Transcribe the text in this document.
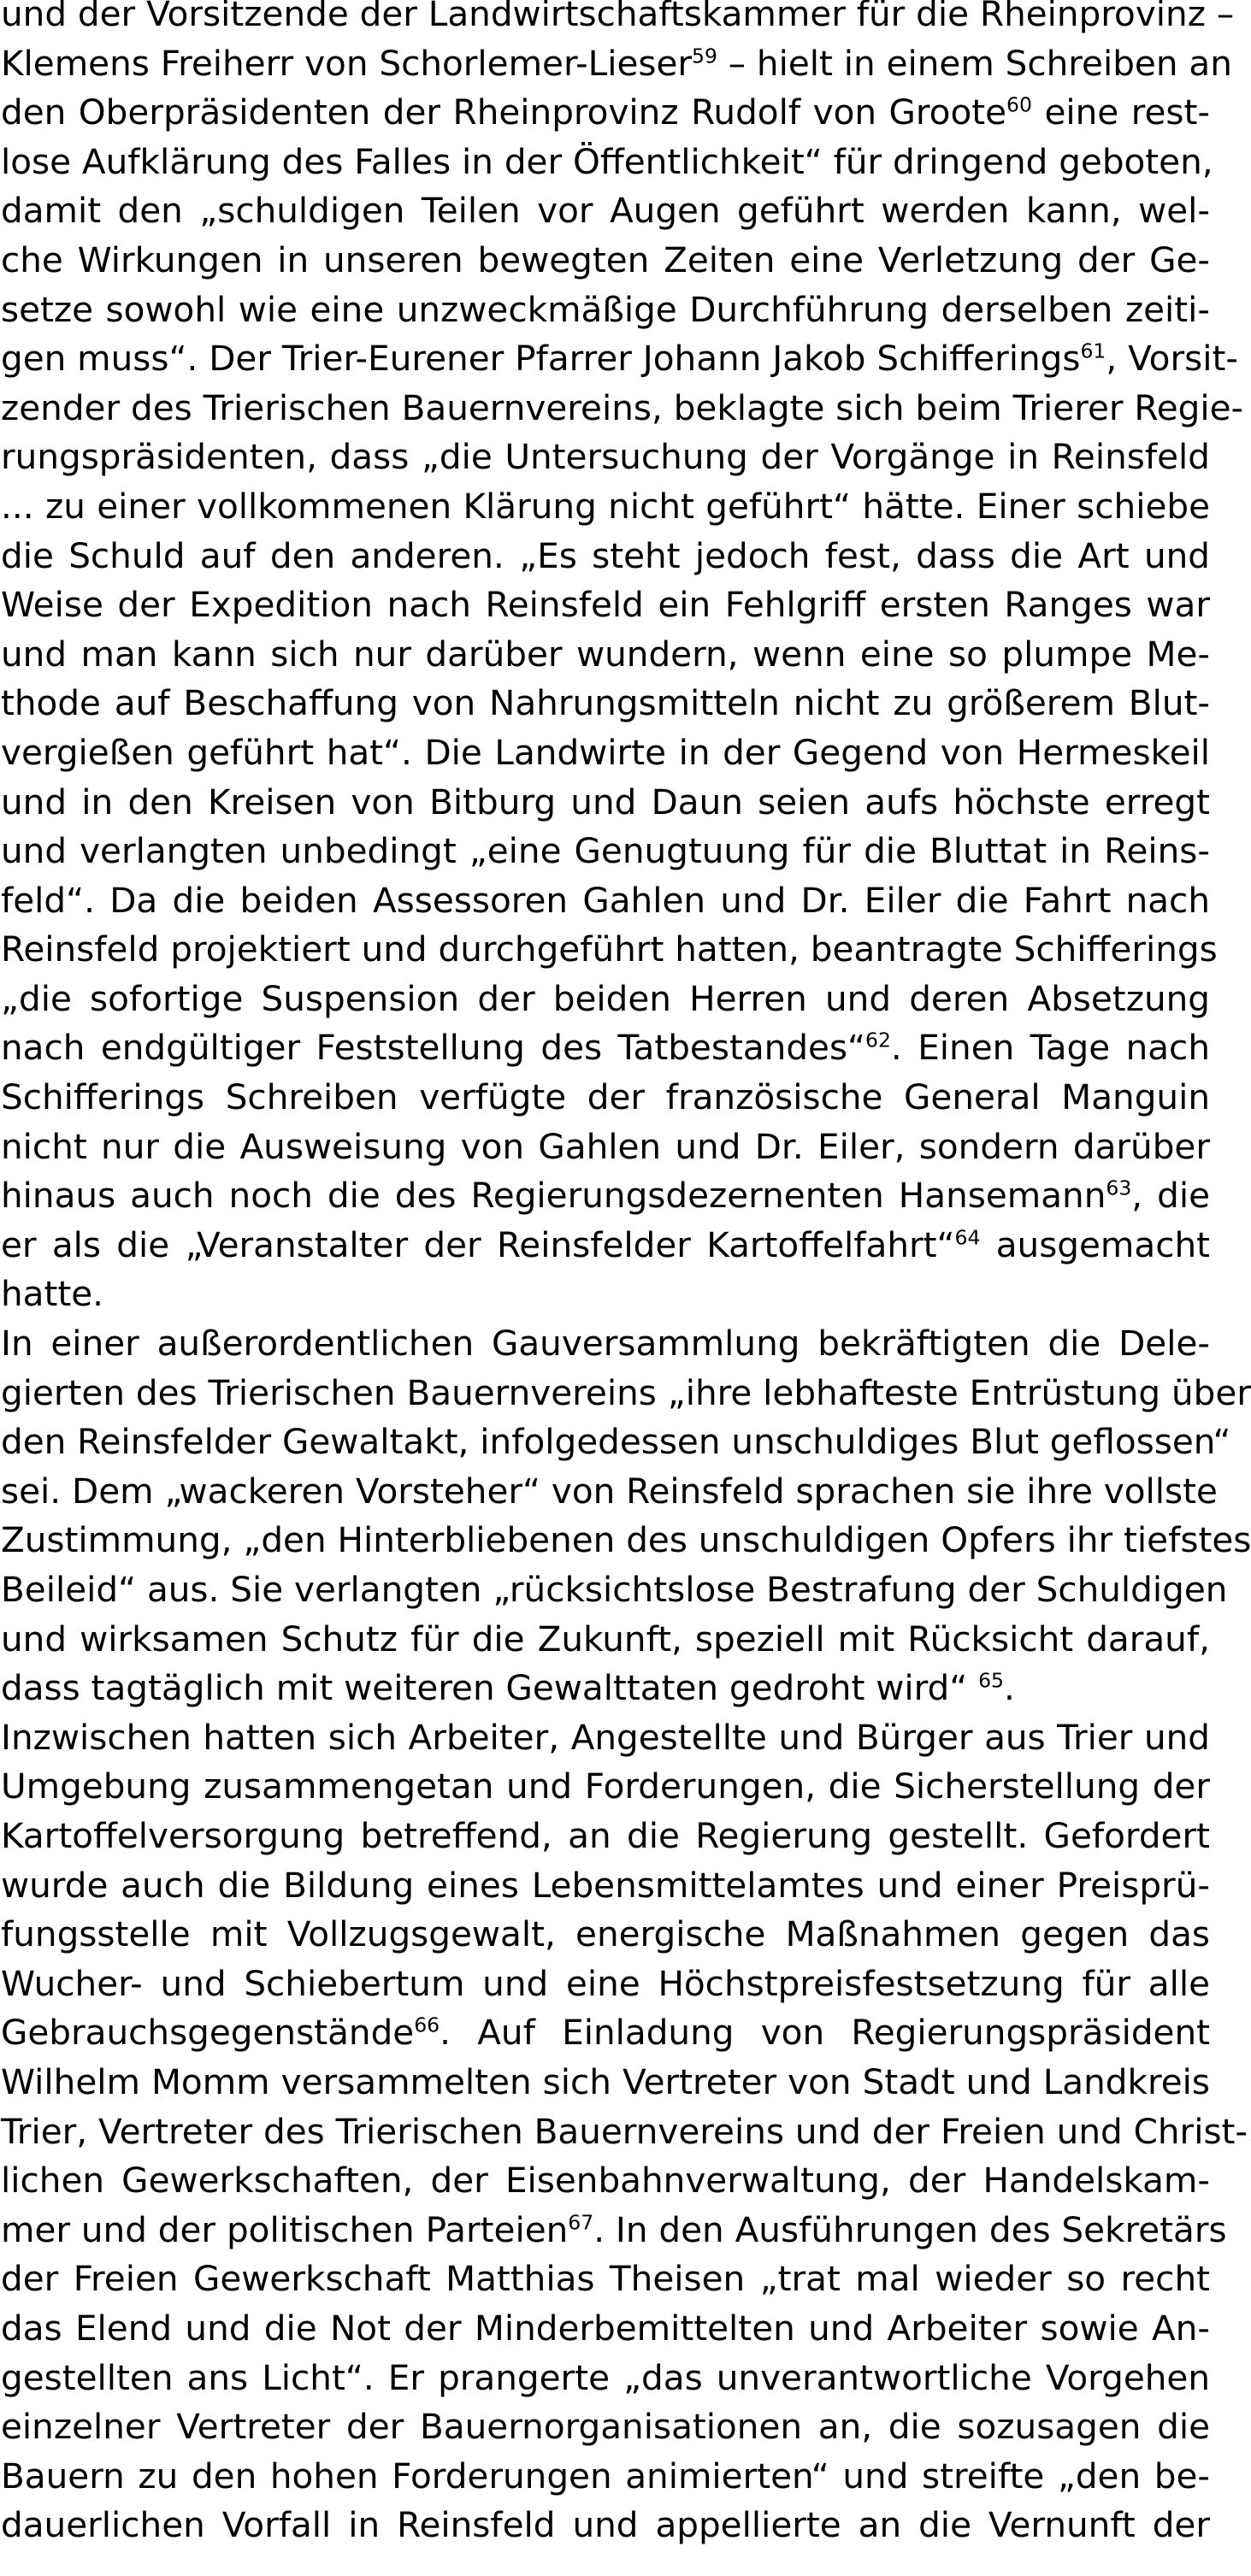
und der Vorsitzende der Landwirtschaftskammer für die Rheinprovinz –
Klemens Freiherr von Schorlemer-Lieser$^{59}$ – hielt in einem Schreiben an
den Oberpräsidenten der Rheinprovinz Rudolf von Groote$^{60}$ eine rest-
lose Aufklärung des Falles in der Öffentlichkeit“ für dringend geboten,
damit den „schuldigen Teilen vor Augen geführt werden kann, wel-
che Wirkungen in unseren bewegten Zeiten eine Verletzung der Ge-
setze sowohl wie eine unzweckmäßige Durchführung derselben zeiti-
gen muss“. Der Trier-Eurener Pfarrer Johann Jakob Schifferings$^{61}$, Vorsit-
zender des Trierischen Bauernvereins, beklagte sich beim Trierer Regie-
rungspräsidenten, dass „die Untersuchung der Vorgänge in Reinsfeld
... zu einer vollkommenen Klärung nicht geführt“ hätte. Einer schiebe
die Schuld auf den anderen. „Es steht jedoch fest, dass die Art und
Weise der Expedition nach Reinsfeld ein Fehlgriff ersten Ranges war
und man kann sich nur darüber wundern, wenn eine so plumpe Me-
thode auf Beschaffung von Nahrungsmitteln nicht zu größerem Blut-
vergießen geführt hat“. Die Landwirte in der Gegend von Hermeskeil
und in den Kreisen von Bitburg und Daun seien aufs höchste erregt
und verlangten unbedingt „eine Genugtuung für die Bluttat in Reins-
feld“. Da die beiden Assessoren Gahlen und Dr. Eiler die Fahrt nach
Reinsfeld projektiert und durchgeführt hatten, beantragte Schifferings
„die sofortige Suspension der beiden Herren und deren Absetzung
nach endgültiger Feststellung des Tatbestandes“$^{62}$. Einen Tage nach
Schifferings Schreiben verfügte der französische General Manguin
nicht nur die Ausweisung von Gahlen und Dr. Eiler, sondern darüber
hinaus auch noch die des Regierungsdezernenten Hansemann$^{63}$, die
er als die „Veranstalter der Reinsfelder Kartoffelfahrt“$^{64}$ ausgemacht
hatte.
In einer außerordentlichen Gauversammlung bekräftigten die Dele-
gierten des Trierischen Bauernvereins „ihre lebhafteste Entrüstung über
den Reinsfelder Gewaltakt, infolgedessen unschuldiges Blut geflossen“
sei. Dem „wackeren Vorsteher“ von Reinsfeld sprachen sie ihre vollste
Zustimmung, „den Hinterbliebenen des unschuldigen Opfers ihr tiefstes
Beileid“ aus. Sie verlangten „rücksichtslose Bestrafung der Schuldigen
und wirksamen Schutz für die Zukunft, speziell mit Rücksicht darauf,
dass tagtäglich mit weiteren Gewalttaten gedroht wird“ $^{65}$.
Inzwischen hatten sich Arbeiter, Angestellte und Bürger aus Trier und
Umgebung zusammengetan und Forderungen, die Sicherstellung der
Kartoffelversorgung betreffend, an die Regierung gestellt. Gefordert
wurde auch die Bildung eines Lebensmittelamtes und einer Preisprü-
fungsstelle mit Vollzugsgewalt, energische Maßnahmen gegen das
Wucher- und Schiebertum und eine Höchstpreisfestsetzung für alle
Gebrauchsgegenstände$^{66}$. Auf Einladung von Regierungspräsident
Wilhelm Momm versammelten sich Vertreter von Stadt und Landkreis
Trier, Vertreter des Trierischen Bauernvereins und der Freien und Christ-
lichen Gewerkschaften, der Eisenbahnverwaltung, der Handelskam-
mer und der politischen Parteien$^{67}$. In den Ausführungen des Sekretärs
der Freien Gewerkschaft Matthias Theisen „trat mal wieder so recht
das Elend und die Not der Minderbemittelten und Arbeiter sowie An-
gestellten ans Licht“. Er prangerte „das unverantwortliche Vorgehen
einzelner Vertreter der Bauernorganisationen an, die sozusagen die
Bauern zu den hohen Forderungen animierten“ und streifte „den be-
dauerlichen Vorfall in Reinsfeld und appellierte an die Vernunft der
